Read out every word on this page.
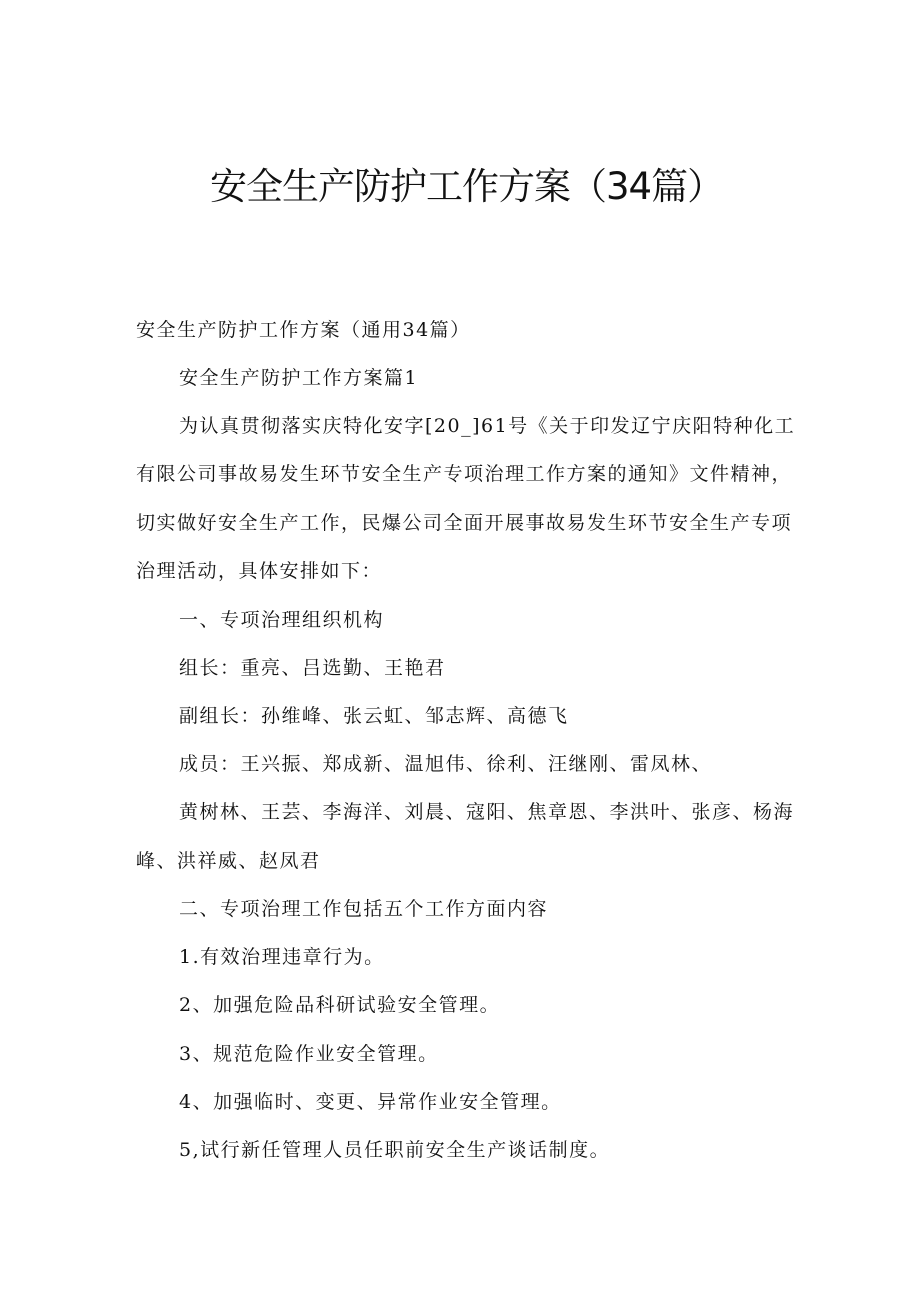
安全生产防护工作方案（34篇）
安全生产防护工作方案（通用34篇）
安全生产防护工作方案篇1
为认真贯彻落实庆特化安字[20_]61号《关于印发辽宁庆阳特种化工
有限公司事故易发生环节安全生产专项治理工作方案的通知》文件精神，
切实做好安全生产工作，民爆公司全面开展事故易发生环节安全生产专项
治理活动，具体安排如下：
一、专项治理组织机构
组长：重亮、吕选勤、王艳君
副组长：孙维峰、张云虹、邹志辉、高德飞
成员：王兴振、郑成新、温旭伟、徐利、汪继刚、雷凤林、
黄树林、王芸、李海洋、刘晨、寇阳、焦章恩、李洪叶、张彦、杨海
峰、洪祥威、赵凤君
二、专项治理工作包括五个工作方面内容
1.有效治理违章行为。
2、加强危险品科研试验安全管理。
3、规范危险作业安全管理。
4、加强临时、变更、异常作业安全管理。
5,试行新任管理人员任职前安全生产谈话制度。
